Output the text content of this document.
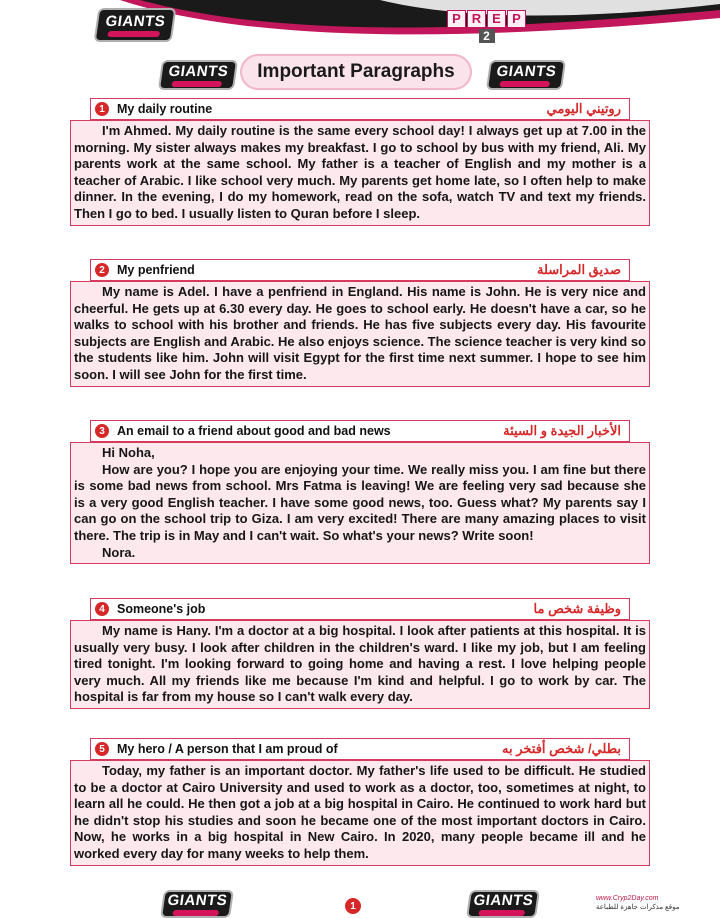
GIANTS	P R E P
2
GIANTS	Important Paragraphs	GIANTS
1 My daily routine	روتيني اليومي

I'm Ahmed. My daily routine is the same every school day! I always get up at 7.00 in the morning. My sister always makes my breakfast. I go to school by bus with my friend, Ali. My parents work at the same school. My father is a teacher of English and my mother is a teacher of Arabic. I like school very much. My parents get home late, so I often help to make dinner. In the evening, I do my homework, read on the sofa, watch TV and text my friends. Then I go to bed. I usually listen to Quran before I sleep.

2 My penfriend	صديق المراسلة

My name is Adel. I have a penfriend in England. His name is John. He is very nice and cheerful. He gets up at 6.30 every day. He goes to school early. He doesn't have a car, so he walks to school with his brother and friends. He has five subjects every day. His favourite subjects are English and Arabic. He also enjoys science. The science teacher is very kind so the students like him. John will visit Egypt for the first time next summer. I hope to see him soon. I will see John for the first time.

3 An email to a friend about good and bad news	الأخبار الجيدة و السيئة

Hi Noha,

How are you? I hope you are enjoying your time. We really miss you. I am fine but there is some bad news from school. Mrs Fatma is leaving! We are feeling very sad because she is a very good English teacher. I have some good news, too. Guess what? My parents say I can go on the school trip to Giza. I am very excited! There are many amazing places to visit there. The trip is in May and I can't wait. So what's your news? Write soon!

Nora.

4 Someone's job	وظيفة شخص ما

My name is Hany. I'm a doctor at a big hospital. I look after patients at this hospital. It is usually very busy. I look after children in the children's ward. I like my job, but I am feeling tired tonight. I'm looking forward to going home and having a rest. I love helping people very much. All my friends like me because I'm kind and helpful. I go to work by car. The hospital is far from my house so I can't walk every day.

5 My hero / A person that I am proud of	بطلي/ شخص أفتخر به

Today, my father is an important doctor. My father's life used to be difficult. He studied to be a doctor at Cairo University and used to work as a doctor, too, sometimes at night, to learn all he could. He then got a job at a big hospital in Cairo. He continued to work hard but he didn't stop his studies and soon he became one of the most important doctors in Cairo. Now, he works in a big hospital in New Cairo. In 2020, many people became ill and he worked every day for many weeks to help them.

GIANTS	1	GIANTS	www.Cryp2Day.com
موقع مذكرات جاهزة للطباعة
